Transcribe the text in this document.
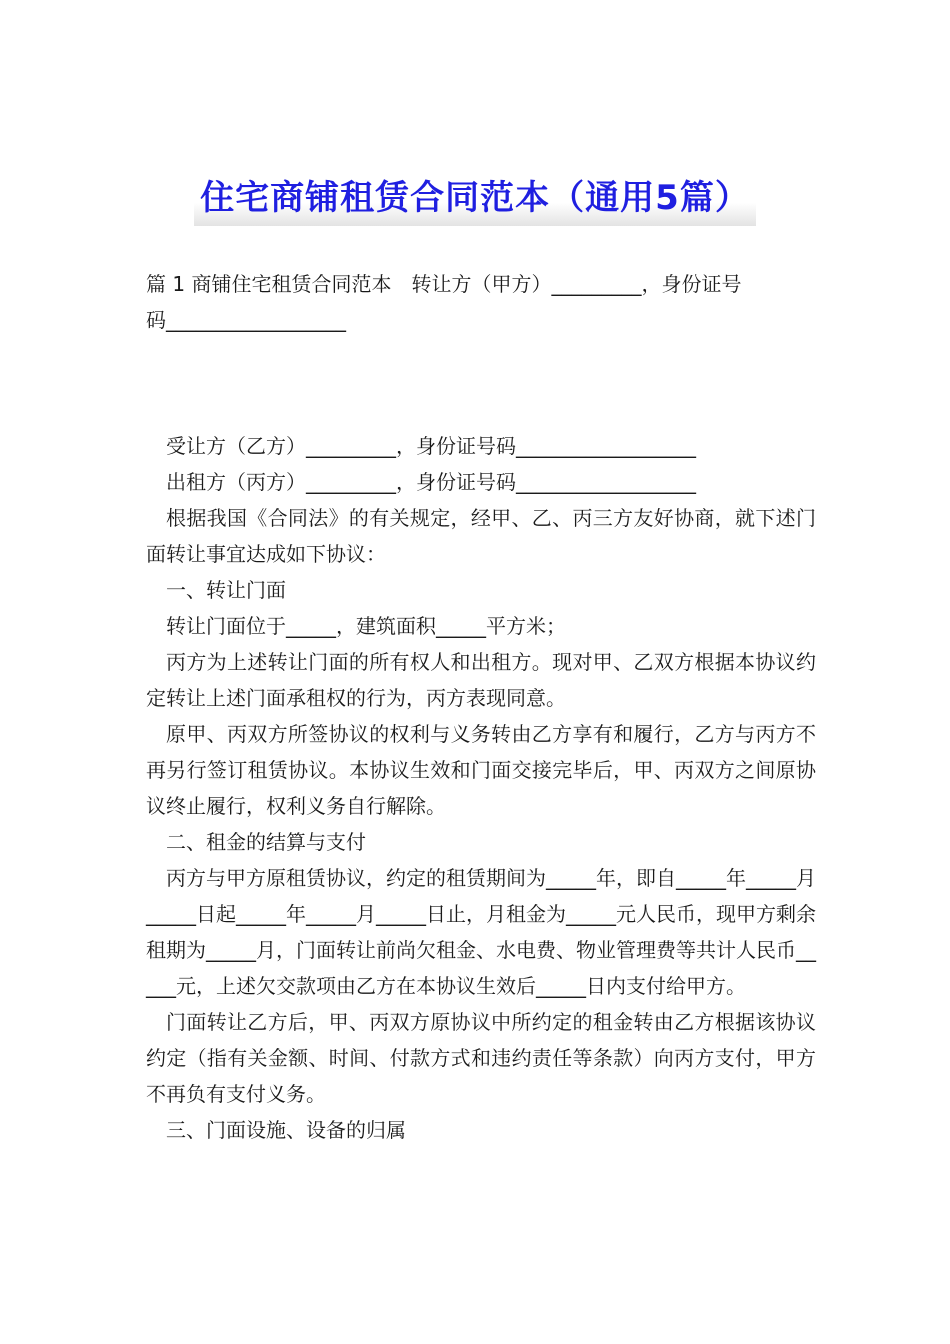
住宅商铺租赁合同范本（通用5篇）
篇 1 商铺住宅租赁合同范本　转让方（甲方）_________，身份证号
码__________________
受让方（乙方）_________，身份证号码__________________
出租方（丙方）_________，身份证号码__________________

根据我国《合同法》的有关规定，经甲、乙、丙三方友好协商，就下述门面转让事宜达成如下协议：

一、转让门面

转让门面位于_____，建筑面积_____平方米；

丙方为上述转让门面的所有权人和出租方。现对甲、乙双方根据本协议约定转让上述门面承租权的行为，丙方表现同意。

原甲、丙双方所签协议的权利与义务转由乙方享有和履行，乙方与丙方不再另行签订租赁协议。本协议生效和门面交接完毕后，甲、丙双方之间原协议终止履行，权利义务自行解除。

二、租金的结算与支付

丙方与甲方原租赁协议，约定的租赁期间为_____年，即自_____年_____月_____日起_____年_____月_____日止，月租金为_____元人民币，现甲方剩余租期为_____月，门面转让前尚欠租金、水电费、物业管理费等共计人民币_____元，上述欠交款项由乙方在本协议生效后_____日内支付给甲方。

门面转让乙方后，甲、丙双方原协议中所约定的租金转由乙方根据该协议约定（指有关金额、时间、付款方式和违约责任等条款）向丙方支付，甲方不再负有支付义务。

三、门面设施、设备的归属
